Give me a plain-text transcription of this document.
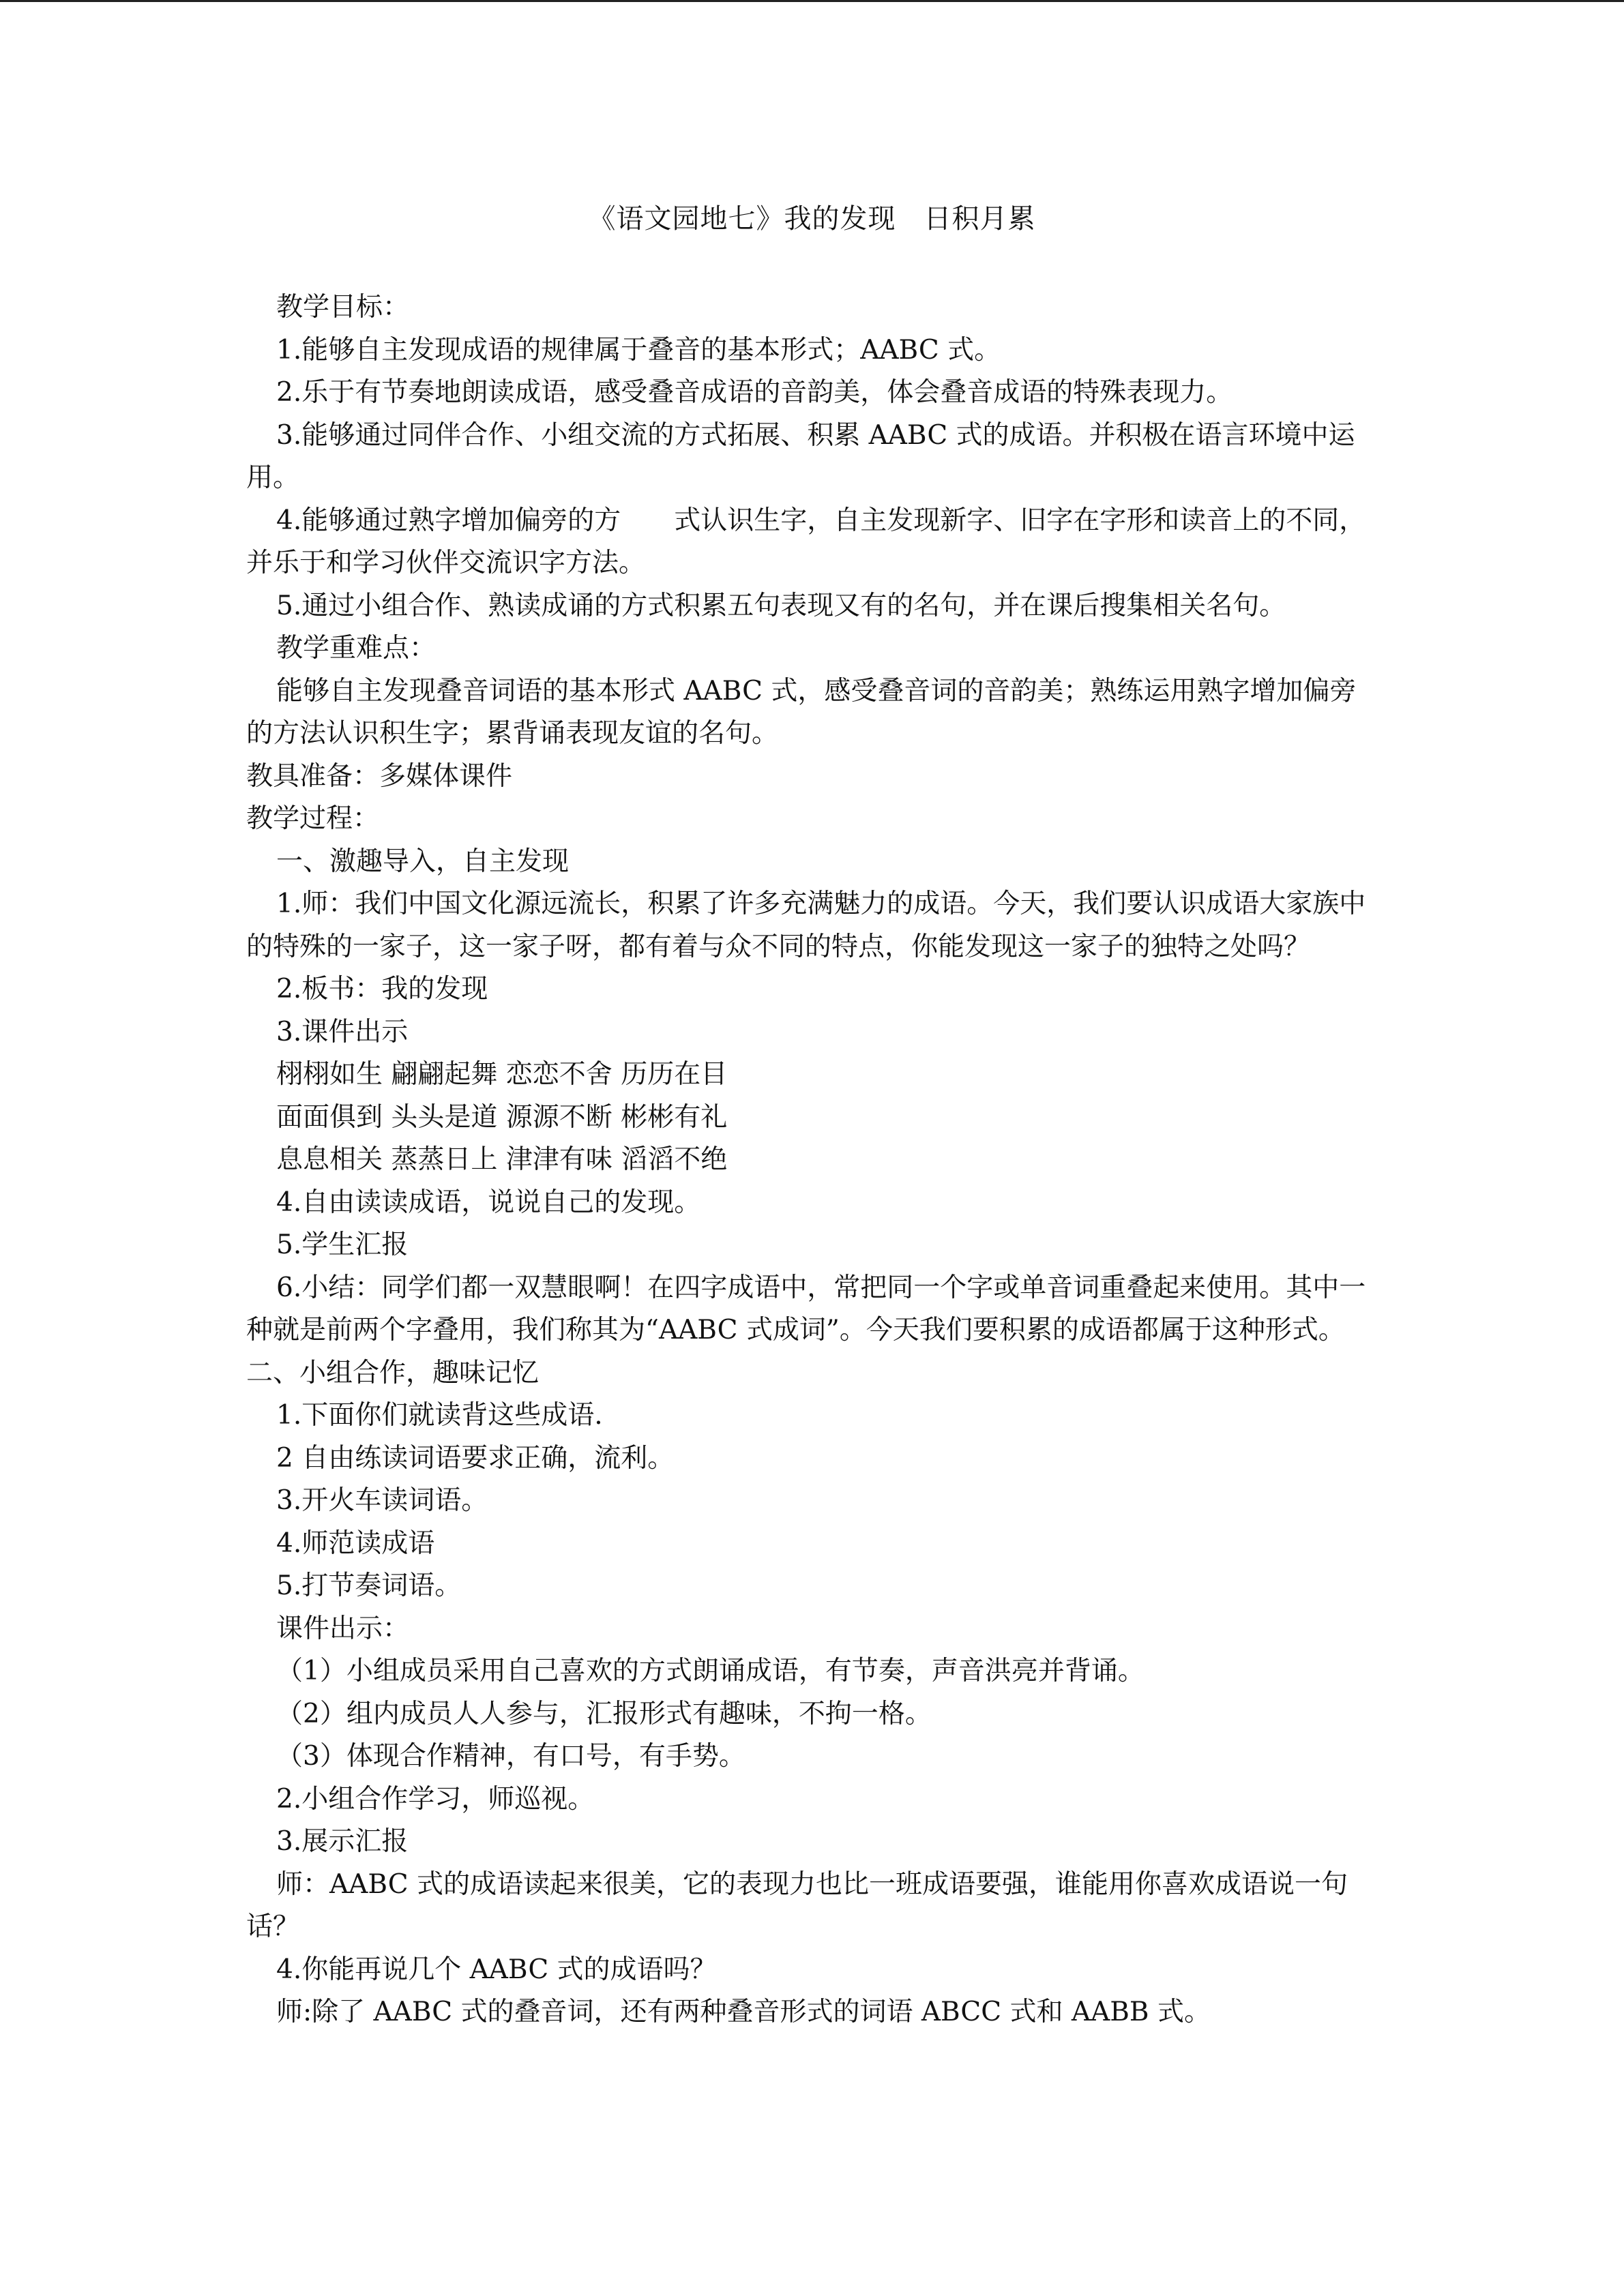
《语文园地七》我的发现　日积月累

教学目标：

1.能够自主发现成语的规律属于叠音的基本形式；AABC 式。

2.乐于有节奏地朗读成语，感受叠音成语的音韵美，体会叠音成语的特殊表现力。

3.能够通过同伴合作、小组交流的方式拓展、积累 AABC 式的成语。并积极在语言环境中运用。

4.能够通过熟字增加偏旁的方　　式认识生字，自主发现新字、旧字在字形和读音上的不同，并乐于和学习伙伴交流识字方法。

5.通过小组合作、熟读成诵的方式积累五句表现又有的名句，并在课后搜集相关名句。

教学重难点：

能够自主发现叠音词语的基本形式 AABC 式，感受叠音词的音韵美；熟练运用熟字增加偏旁的方法认识积生字；累背诵表现友谊的名句。

教具准备：多媒体课件

教学过程：

一、激趣导入，自主发现

1.师：我们中国文化源远流长，积累了许多充满魅力的成语。今天，我们要认识成语大家族中的特殊的一家子，这一家子呀，都有着与众不同的特点，你能发现这一家子的独特之处吗？

2.板书：我的发现

3.课件出示

栩栩如生 翩翩起舞 恋恋不舍 历历在目

面面俱到 头头是道 源源不断 彬彬有礼

息息相关 蒸蒸日上 津津有味 滔滔不绝

4.自由读读成语，说说自己的发现。

5.学生汇报

6.小结：同学们都一双慧眼啊！在四字成语中，常把同一个字或单音词重叠起来使用。其中一种就是前两个字叠用，我们称其为“AABC 式成词”。今天我们要积累的成语都属于这种形式。二、小组合作，趣味记忆

1.下面你们就读背这些成语.

2 自由练读词语要求正确，流利。

3.开火车读词语。

4.师范读成语

5.打节奏词语。

课件出示：

（1）小组成员采用自己喜欢的方式朗诵成语，有节奏，声音洪亮并背诵。

（2）组内成员人人参与，汇报形式有趣味，不拘一格。

（3）体现合作精神，有口号，有手势。

2.小组合作学习，师巡视。

3.展示汇报

师：AABC 式的成语读起来很美，它的表现力也比一班成语要强，谁能用你喜欢成语说一句话？

4.你能再说几个 AABC 式的成语吗？

师:除了 AABC 式的叠音词，还有两种叠音形式的词语 ABCC 式和 AABB 式。
